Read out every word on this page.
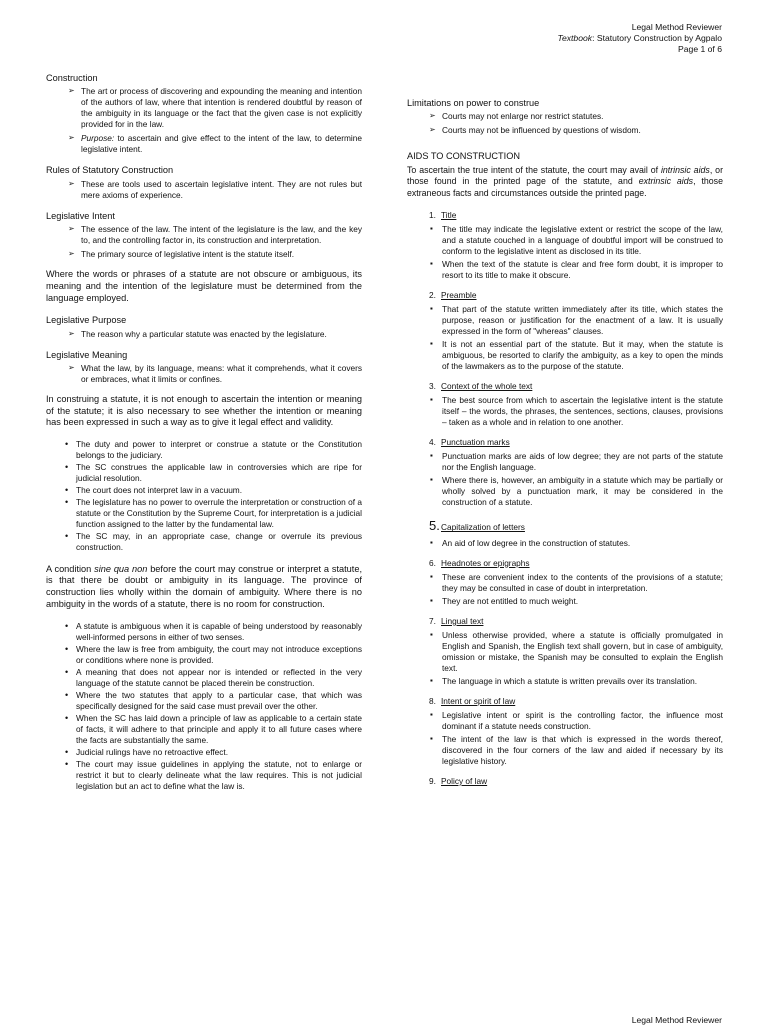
Legal Method Reviewer
Textbook: Statutory Construction by Agpalo
Page 1 of 6
Construction
➢ The art or process of discovering and expounding the meaning and intention of the authors of law, where that intention is rendered doubtful by reason of the ambiguity in its language or the fact that the given case is not explicitly provided for in the law.
➢ Purpose: to ascertain and give effect to the intent of the law, to determine legislative intent.
Rules of Statutory Construction
➢ These are tools used to ascertain legislative intent. They are not rules but mere axioms of experience.
Legislative Intent
➢ The essence of the law. The intent of the legislature is the law, and the key to, and the controlling factor in, its construction and interpretation.
➢ The primary source of legislative intent is the statute itself.
Where the words or phrases of a statute are not obscure or ambiguous, its meaning and the intention of the legislature must be determined from the language employed.
Legislative Purpose
➢ The reason why a particular statute was enacted by the legislature.
Legislative Meaning
➢ What the law, by its language, means: what it comprehends, what it covers or embraces, what it limits or confines.
In construing a statute, it is not enough to ascertain the intention or meaning of the statute; it is also necessary to see whether the intention or meaning has been expressed in such a way as to give it legal effect and validity.
• The duty and power to interpret or construe a statute or the Constitution belongs to the judiciary.
• The SC construes the applicable law in controversies which are ripe for judicial resolution.
• The court does not interpret law in a vacuum.
• The legislature has no power to overrule the interpretation or construction of a statute or the Constitution by the Supreme Court, for interpretation is a judicial function assigned to the latter by the fundamental law.
• The SC may, in an appropriate case, change or overrule its previous construction.
A condition sine qua non before the court may construe or interpret a statute, is that there be doubt or ambiguity in its language. The province of construction lies wholly within the domain of ambiguity. Where there is no ambiguity in the words of a statute, there is no room for construction.
• A statute is ambiguous when it is capable of being understood by reasonably well-informed persons in either of two senses.
• Where the law is free from ambiguity, the court may not introduce exceptions or conditions where none is provided.
• A meaning that does not appear nor is intended or reflected in the very language of the statute cannot be placed therein be construction.
• Where the two statutes that apply to a particular case, that which was specifically designed for the said case must prevail over the other.
• When the SC has laid down a principle of law as applicable to a certain state of facts, it will adhere to that principle and apply it to all future cases where the facts are substantially the same.
• Judicial rulings have no retroactive effect.
• The court may issue guidelines in applying the statute, not to enlarge or restrict it but to clearly delineate what the law requires. This is not judicial legislation but an act to define what the law is.
Limitations on power to construe
➢ Courts may not enlarge nor restrict statutes.
➢ Courts may not be influenced by questions of wisdom.
AIDS TO CONSTRUCTION
To ascertain the true intent of the statute, the court may avail of intrinsic aids, or those found in the printed page of the statute, and extrinsic aids, those extraneous facts and circumstances outside the printed page.
1. Title
▪ The title may indicate the legislative extent or restrict the scope of the law, and a statute couched in a language of doubtful import will be construed to conform to the legislative intent as disclosed in its title.
▪ When the text of the statute is clear and free form doubt, it is improper to resort to its title to make it obscure.
2. Preamble
▪ That part of the statute written immediately after its title, which states the purpose, reason or justification for the enactment of a law. It is usually expressed in the form of "whereas" clauses.
▪ It is not an essential part of the statute. But it may, when the statute is ambiguous, be resorted to clarify the ambiguity, as a key to open the minds of the lawmakers as to the purpose of the statute.
3. Context of the whole text
▪ The best source from which to ascertain the legislative intent is the statute itself – the words, the phrases, the sentences, sections, clauses, provisions – taken as a whole and in relation to one another.
4. Punctuation marks
▪ Punctuation marks are aids of low degree; they are not parts of the statute nor the English language.
▪ Where there is, however, an ambiguity in a statute which may be partially or wholly solved by a punctuation mark, it may be considered in the construction of a statute.
5.Capitalization of letters
▪ An aid of low degree in the construction of statutes.
6. Headnotes or epigraphs
▪ These are convenient index to the contents of the provisions of a statute; they may be consulted in case of doubt in interpretation.
▪ They are not entitled to much weight.
7. Lingual text
▪ Unless otherwise provided, where a statute is officially promulgated in English and Spanish, the English text shall govern, but in case of ambiguity, omission or mistake, the Spanish may be consulted to explain the English text.
▪ The language in which a statute is written prevails over its translation.
8. Intent or spirit of law
▪ Legislative intent or spirit is the controlling factor, the influence most dominant if a statute needs construction.
▪ The intent of the law is that which is expressed in the words thereof, discovered in the four corners of the law and aided if necessary by its legislative history.
9. Policy of law
Legal Method Reviewer
